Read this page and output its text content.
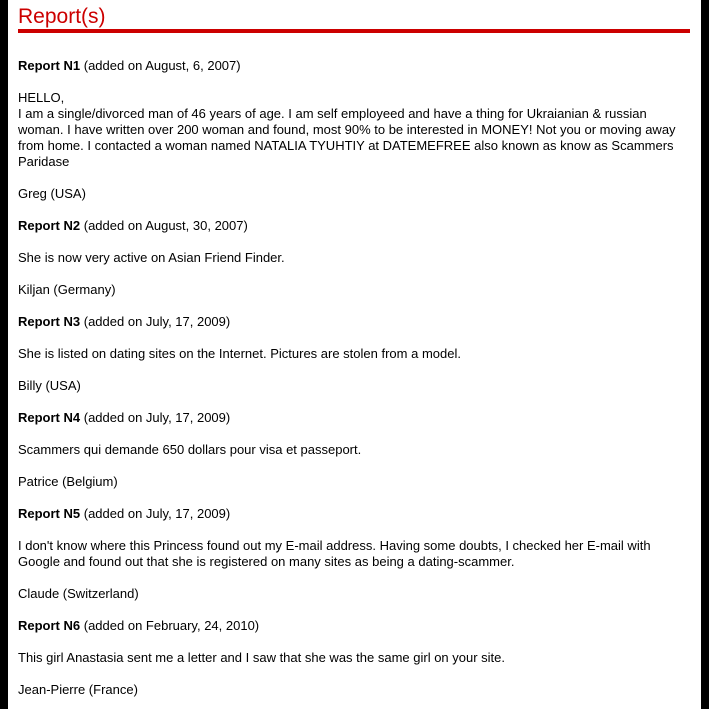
Report(s)

Report N1 (added on August, 6, 2007)

HELLO,
I am a single/divorced man of 46 years of age. I am self employeed and have a thing for Ukraianian & russian woman. I have written over 200 woman and found, most 90% to be interested in MONEY! Not you or moving away from home. I contacted a woman named NATALIA TYUHTIY at DATEMEFREE also known as know as Scammers Paridase

Greg (USA)

Report N2 (added on August, 30, 2007)

She is now very active on Asian Friend Finder.

Kiljan (Germany)

Report N3 (added on July, 17, 2009)

She is listed on dating sites on the Internet. Pictures are stolen from a model.

Billy (USA)

Report N4 (added on July, 17, 2009)

Scammers qui demande 650 dollars pour visa et passeport.

Patrice (Belgium)

Report N5 (added on July, 17, 2009)

I don't know where this Princess found out my E-mail address. Having some doubts, I checked her E-mail with Google and found out that she is registered on many sites as being a dating-scammer.

Claude (Switzerland)

Report N6 (added on February, 24, 2010)

This girl Anastasia sent me a letter and I saw that she was the same girl on your site.

Jean-Pierre (France)
